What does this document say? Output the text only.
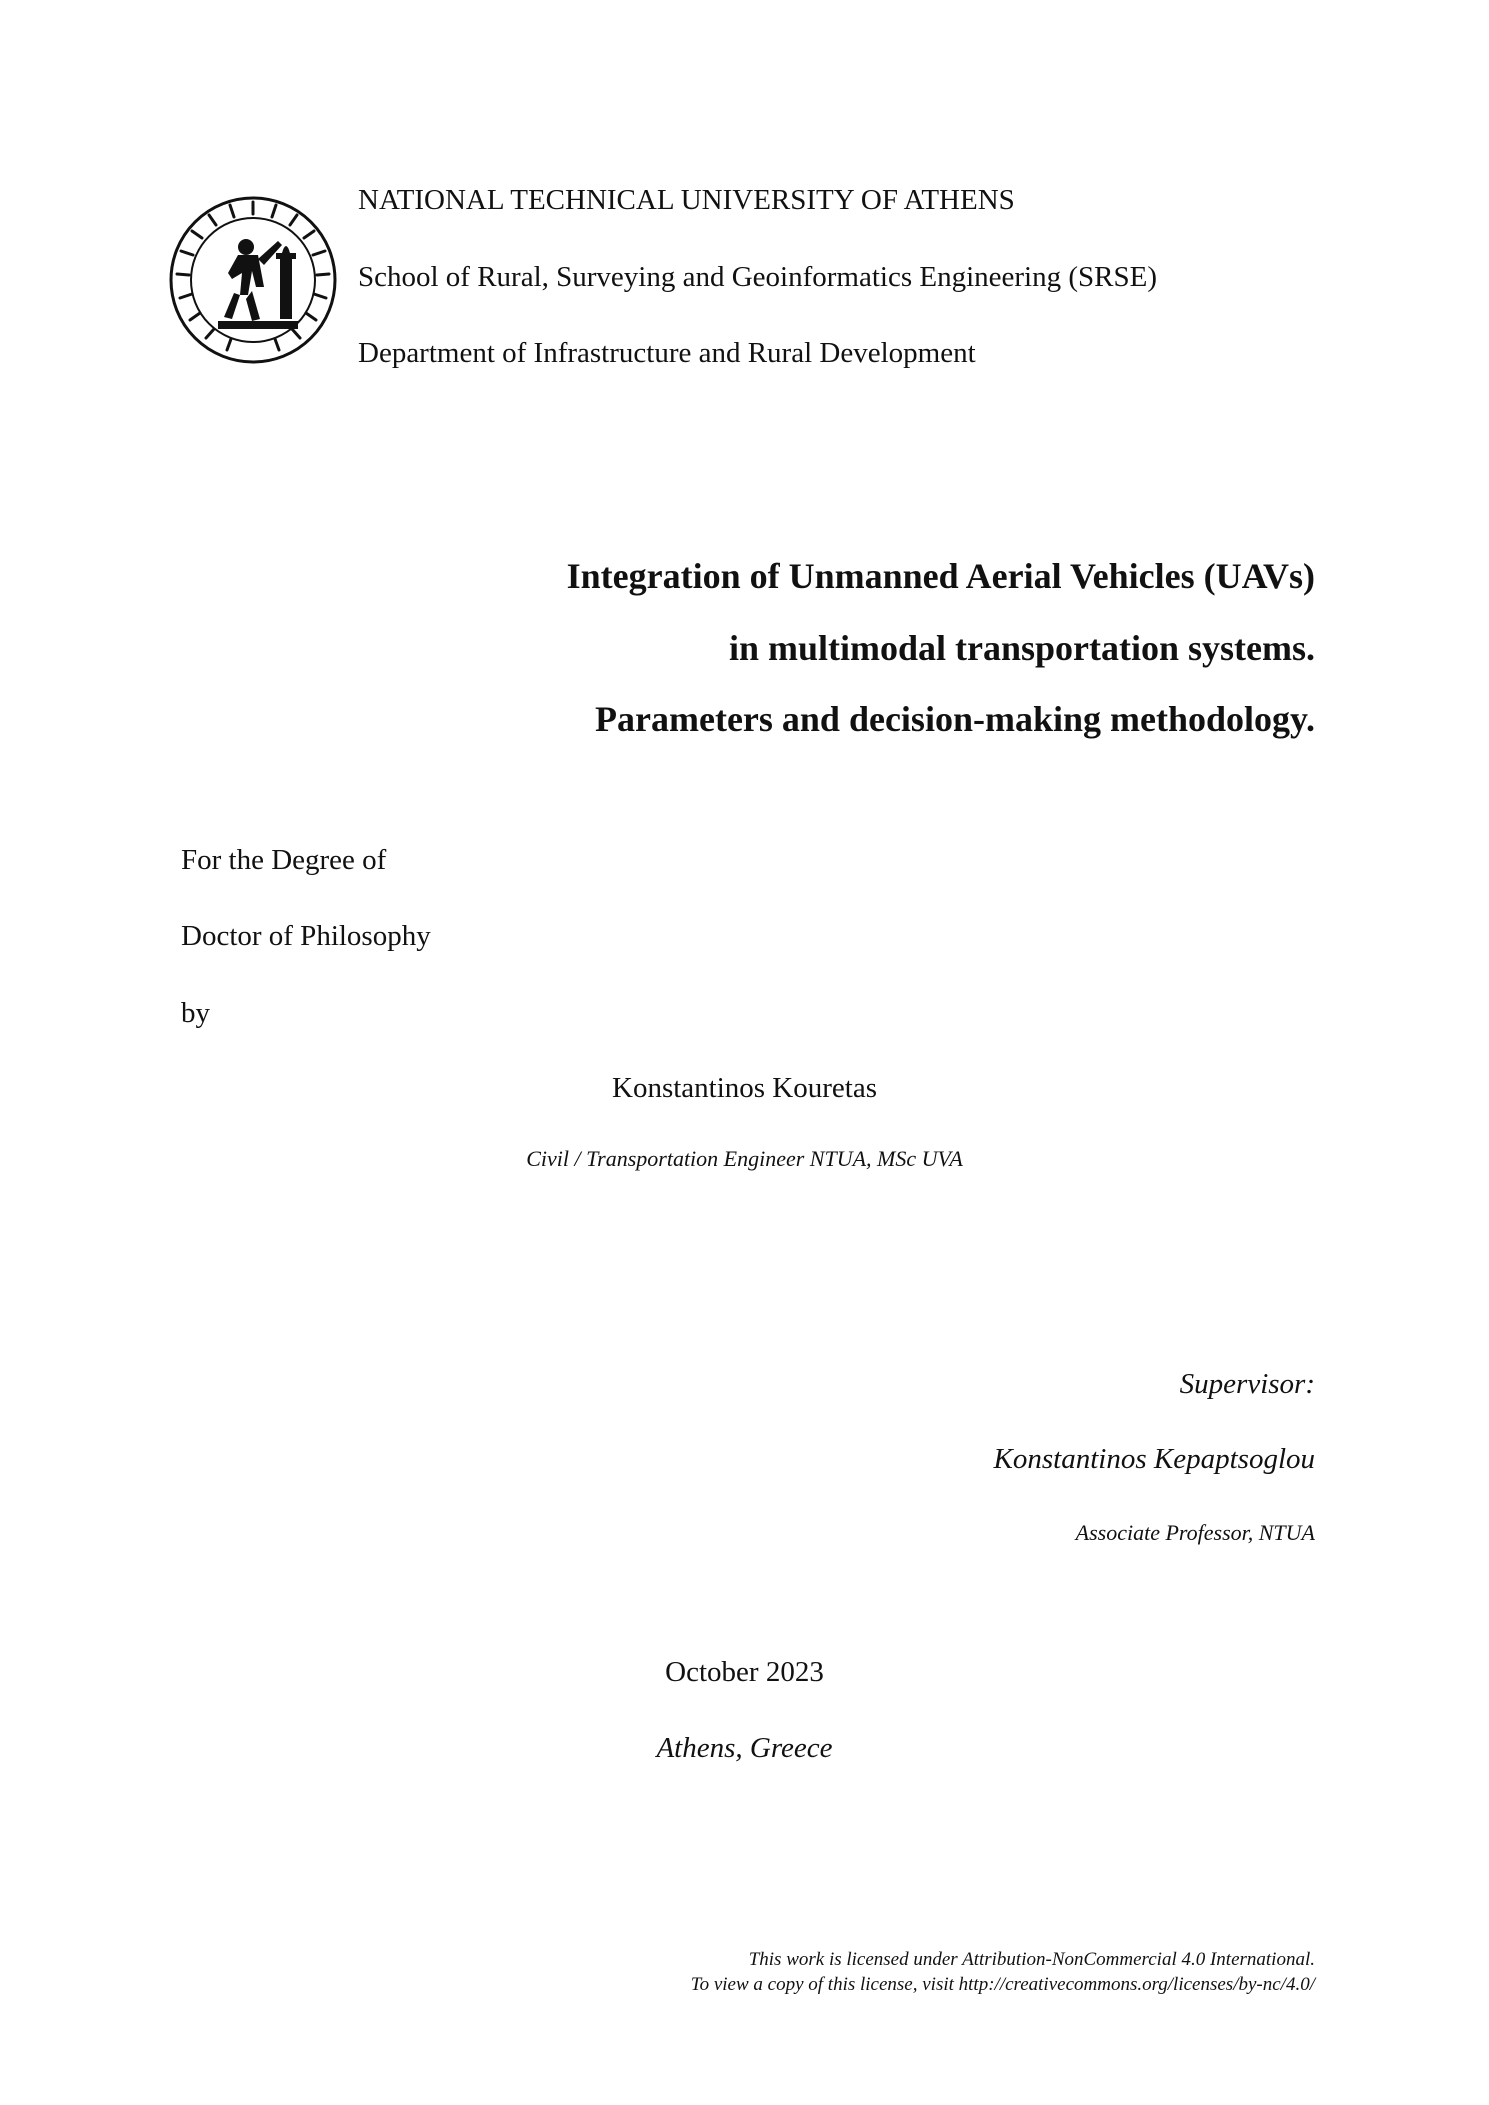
NATIONAL TECHNICAL UNIVERSITY OF ATHENS

School of Rural, Surveying and Geoinformatics Engineering (SRSE)

Department of Infrastructure and Rural Development

Integration of Unmanned Aerial Vehicles (UAVs)
in multimodal transportation systems.
Parameters and decision-making methodology.

For the Degree of

Doctor of Philosophy

by

Konstantinos Kouretas

Civil / Transportation Engineer NTUA, MSc UVA

Supervisor:

Konstantinos Kepaptsoglou

Associate Professor, NTUA

October 2023

Athens, Greece

This work is licensed under Attribution-NonCommercial 4.0 International.

To view a copy of this license, visit http://creativecommons.org/licenses/by-nc/4.0/
